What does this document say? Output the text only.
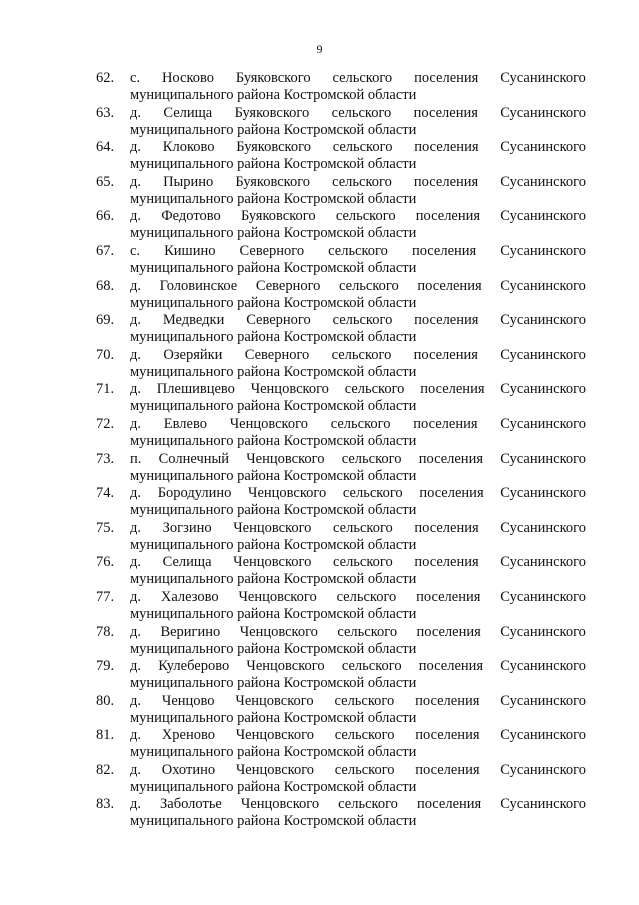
9
62.	с. Носково Буяковского сельского поселения Сусанинского
муниципального района Костромской области
63.	д. Селища Буяковского сельского поселения Сусанинского
муниципального района Костромской области
64.	д. Клоково Буяковского сельского поселения Сусанинского
муниципального района Костромской области
65.	д. Пырино Буяковского сельского поселения Сусанинского
муниципального района Костромской области
66.	д. Федотово Буяковского сельского поселения Сусанинского
муниципального района Костромской области
67.	с. Кишино Северного сельского поселения Сусанинского
муниципального района Костромской области
68.	д. Головинское Северного сельского поселения Сусанинского
муниципального района Костромской области
69.	д. Медведки Северного сельского поселения Сусанинского
муниципального района Костромской области
70.	д. Озеряйки Северного сельского поселения Сусанинского
муниципального района Костромской области
71.	д. Плешивцево Ченцовского сельского поселения Сусанинского
муниципального района Костромской области
72.	д. Евлево Ченцовского сельского поселения Сусанинского
муниципального района Костромской области
73.	п. Солнечный Ченцовского сельского поселения Сусанинского
муниципального района Костромской области
74.	д. Бородулино Ченцовского сельского поселения Сусанинского
муниципального района Костромской области
75.	д. Зогзино Ченцовского сельского поселения Сусанинского
муниципального района Костромской области
76.	д. Селища Ченцовского сельского поселения Сусанинского
муниципального района Костромской области
77.	д. Халезово Ченцовского сельского поселения Сусанинского
муниципального района Костромской области
78.	д. Веригино Ченцовского сельского поселения Сусанинского
муниципального района Костромской области
79.	д. Кулеберово Ченцовского сельского поселения Сусанинского
муниципального района Костромской области
80.	д. Ченцово Ченцовского сельского поселения Сусанинского
муниципального района Костромской области
81.	д. Хреново Ченцовского сельского поселения Сусанинского
муниципального района Костромской области
82.	д. Охотино Ченцовского сельского поселения Сусанинского
муниципального района Костромской области
83.	д. Заболотье Ченцовского сельского поселения Сусанинского
муниципального района Костромской области
